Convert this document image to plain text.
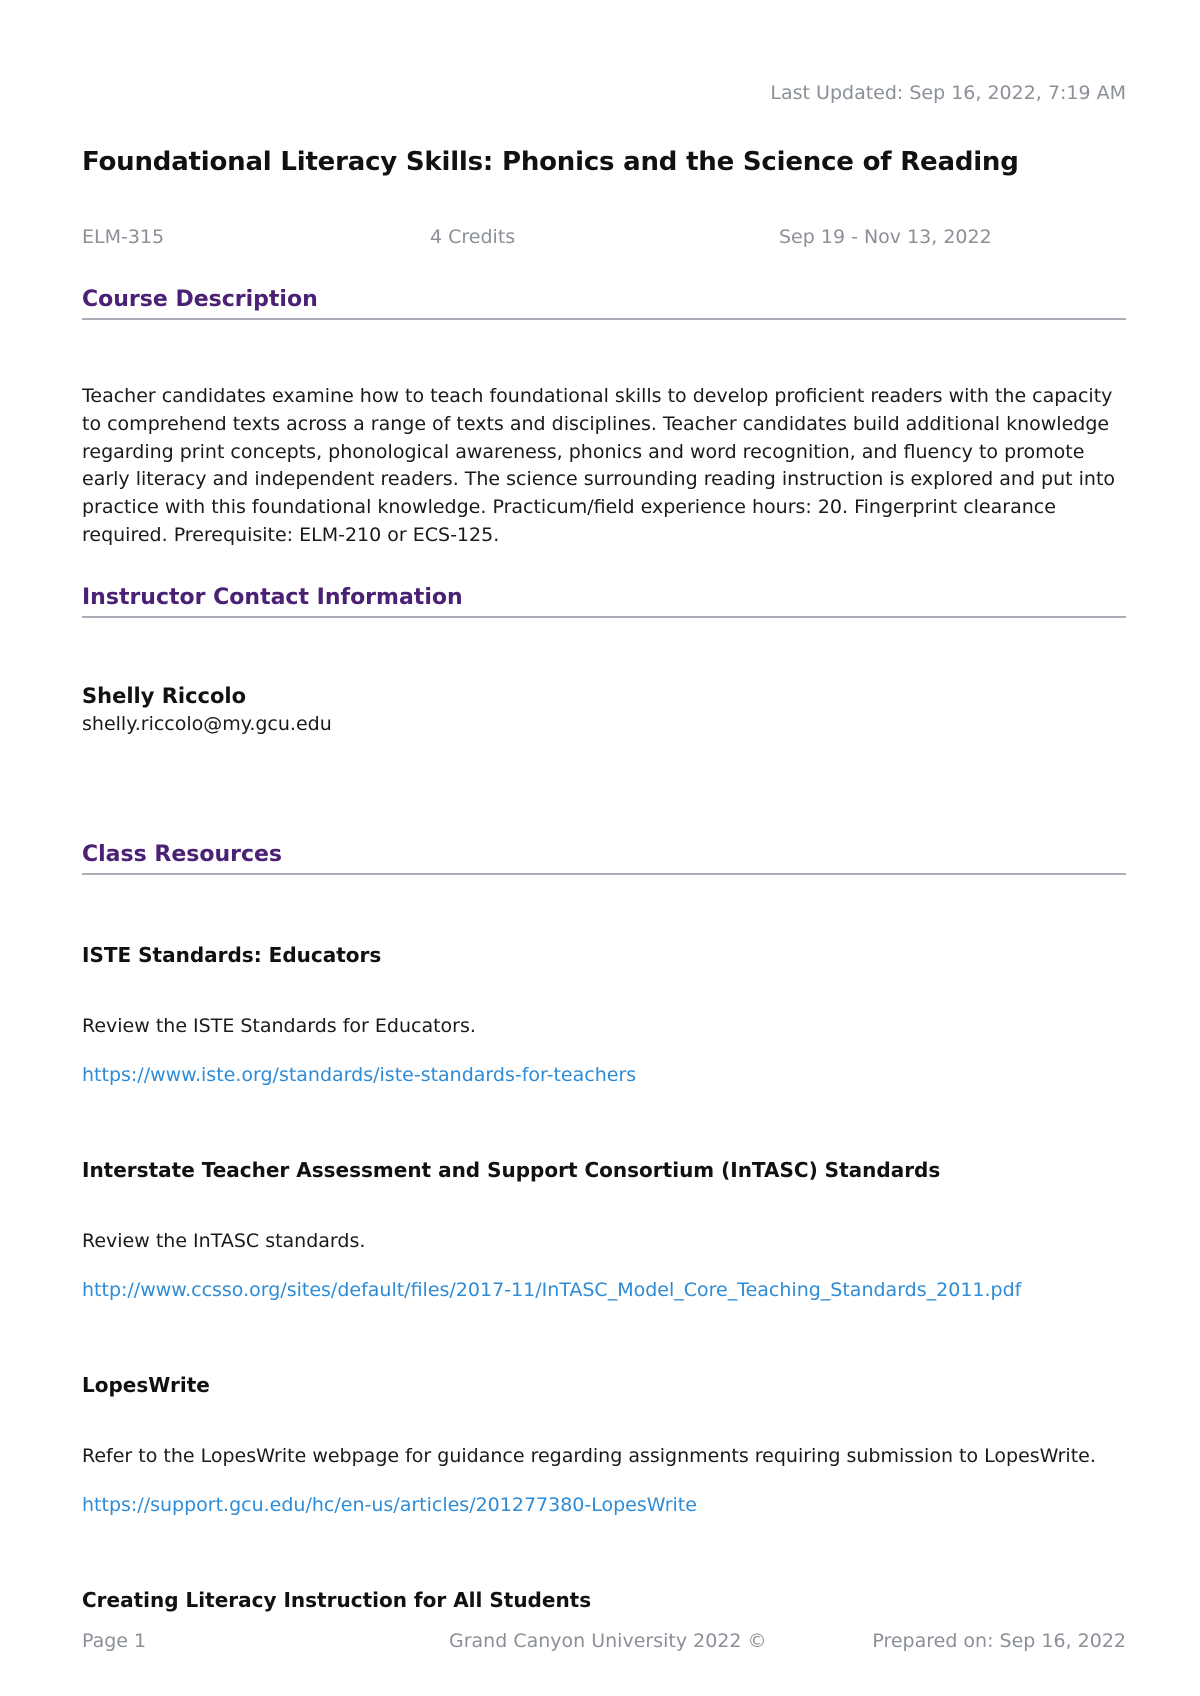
Last Updated: Sep 16, 2022, 7:19 AM
Foundational Literacy Skills: Phonics and the Science of Reading
ELM-315	4 Credits	Sep 19 - Nov 13, 2022
Course Description
Teacher candidates examine how to teach foundational skills to develop proficient readers with the capacity to comprehend texts across a range of texts and disciplines. Teacher candidates build additional knowledge regarding print concepts, phonological awareness, phonics and word recognition, and fluency to promote early literacy and independent readers. The science surrounding reading instruction is explored and put into practice with this foundational knowledge. Practicum/field experience hours: 20. Fingerprint clearance required. Prerequisite: ELM-210 or ECS-125.
Instructor Contact Information
Shelly Riccolo
shelly.riccolo@my.gcu.edu
Class Resources
ISTE Standards: Educators
Review the ISTE Standards for Educators.
https://www.iste.org/standards/iste-standards-for-teachers
Interstate Teacher Assessment and Support Consortium (InTASC) Standards
Review the InTASC standards.
http://www.ccsso.org/sites/default/files/2017-11/InTASC_Model_Core_Teaching_Standards_2011.pdf
LopesWrite
Refer to the LopesWrite webpage for guidance regarding assignments requiring submission to LopesWrite.
https://support.gcu.edu/hc/en-us/articles/201277380-LopesWrite
Creating Literacy Instruction for All Students
Page 1	Grand Canyon University 2022 ©	Prepared on: Sep 16, 2022
